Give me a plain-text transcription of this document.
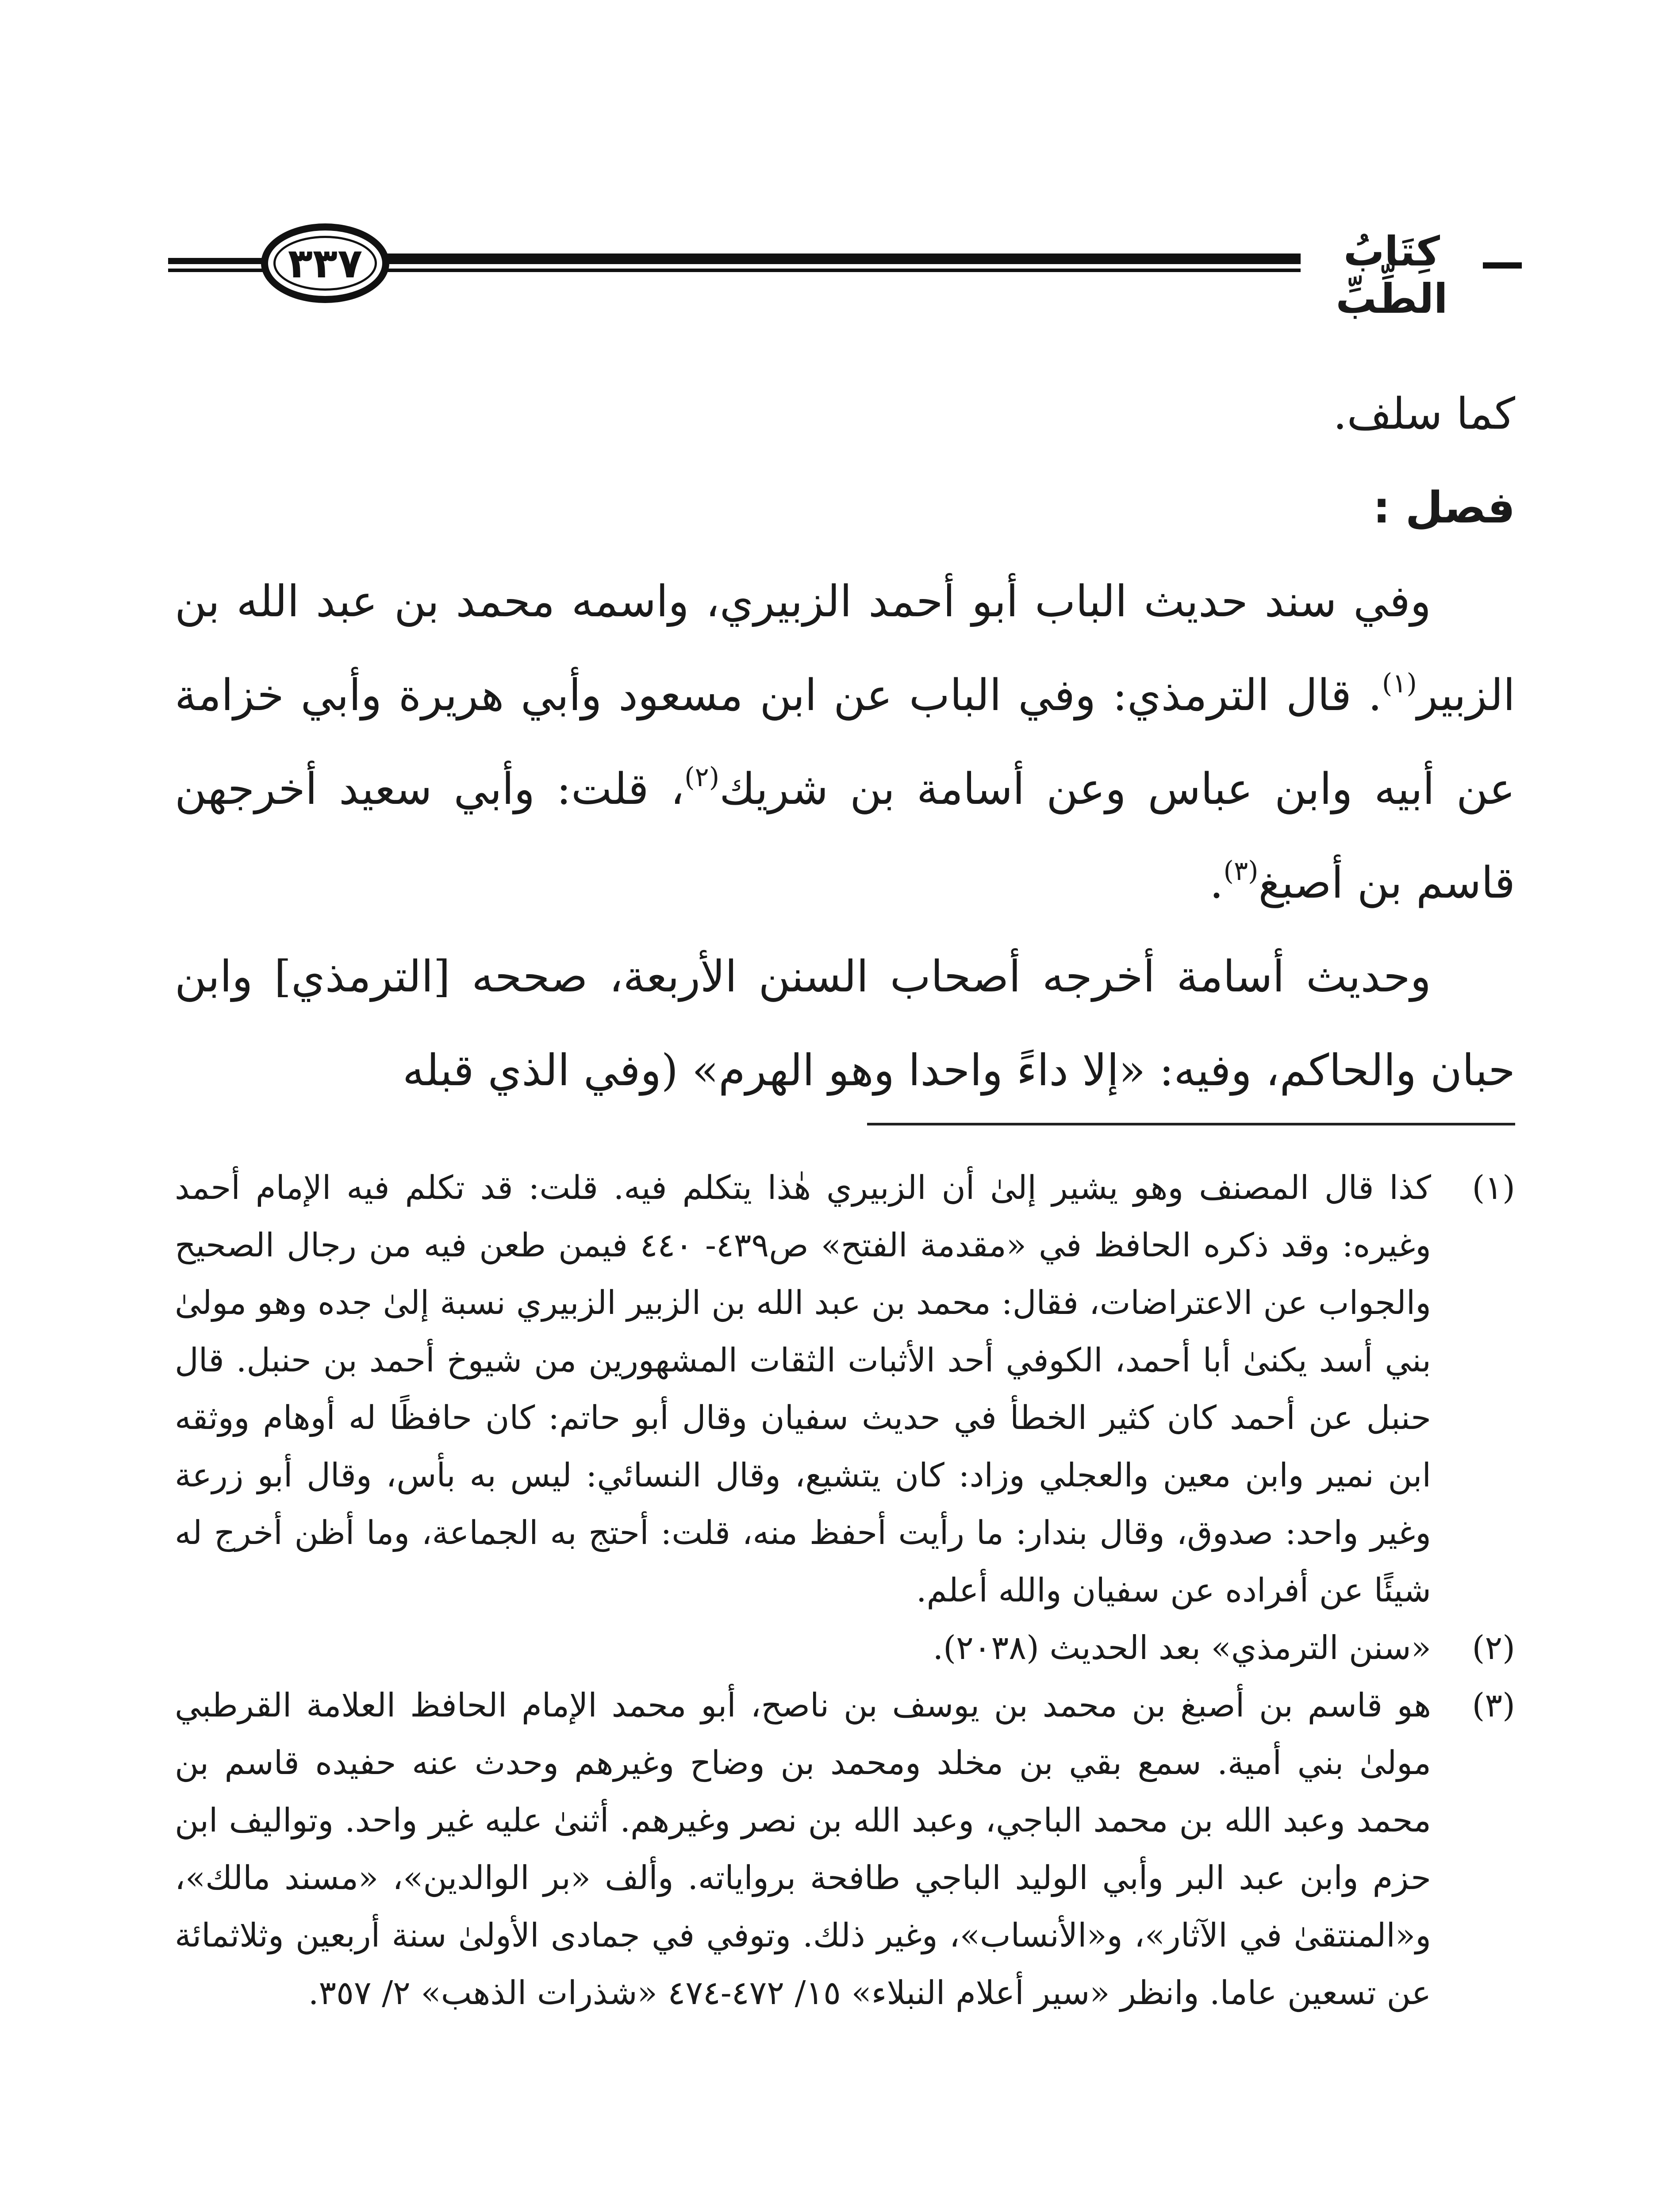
٣٣٧	كِتَابُ الطِّبِّ

كما سلف.

فصل :

وفي سند حديث الباب أبو أحمد الزبيري، واسمه محمد بن عبد الله بن الزبير$^{(١)}$. قال الترمذي: وفي الباب عن ابن مسعود وأبي هريرة وأبي خزامة عن أبيه وابن عباس وعن أسامة بن شريك$^{(٢)}$، قلت: وأبي سعيد أخرجهن قاسم بن أصبغ$^{(٣)}$.

وحديث أسامة أخرجه أصحاب السنن الأربعة، صححه [الترمذي] وابن حبان والحاكم، وفيه: «إلا داءً واحدا وهو الهرم» (وفي الذي قبله

(١)
كذا قال المصنف وهو يشير إلىٰ أن الزبيري هٰذا يتكلم فيه. قلت: قد تكلم فيه الإمام أحمد وغيره: وقد ذكره الحافظ في «مقدمة الفتح» ص٤٣٩- ٤٤٠ فيمن طعن فيه من رجال الصحيح والجواب عن الاعتراضات، فقال: محمد بن عبد الله بن الزبير الزبيري نسبة إلىٰ جده وهو مولىٰ بني أسد يكنىٰ أبا أحمد، الكوفي أحد الأثبات الثقات المشهورين من شيوخ أحمد بن حنبل. قال حنبل عن أحمد كان كثير الخطأ في حديث سفيان وقال أبو حاتم: كان حافظًا له أوهام ووثقه ابن نمير وابن معين والعجلي وزاد: كان يتشيع، وقال النسائي: ليس به بأس، وقال أبو زرعة وغير واحد: صدوق، وقال بندار: ما رأيت أحفظ منه، قلت: أحتج به الجماعة، وما أظن أخرج له شيئًا عن أفراده عن سفيان والله أعلم.

(٢)
«سنن الترمذي» بعد الحديث (٢٠٣٨).

(٣)
هو قاسم بن أصبغ بن محمد بن يوسف بن ناصح، أبو محمد الإمام الحافظ العلامة القرطبي مولىٰ بني أمية. سمع بقي بن مخلد ومحمد بن وضاح وغيرهم وحدث عنه حفيده قاسم بن محمد وعبد الله بن محمد الباجي، وعبد الله بن نصر وغيرهم. أثنىٰ عليه غير واحد. وتواليف ابن حزم وابن عبد البر وأبي الوليد الباجي طافحة برواياته. وألف «بر الوالدين»، «مسند مالك»، و«المنتقىٰ في الآثار»، و«الأنساب»، وغير ذلك. وتوفي في جمادى الأولىٰ سنة أربعين وثلاثمائة عن تسعين عاما. وانظر «سير أعلام النبلاء» ١٥/ ٤٧٢-٤٧٤ «شذرات الذهب» ٢/ ٣٥٧.
